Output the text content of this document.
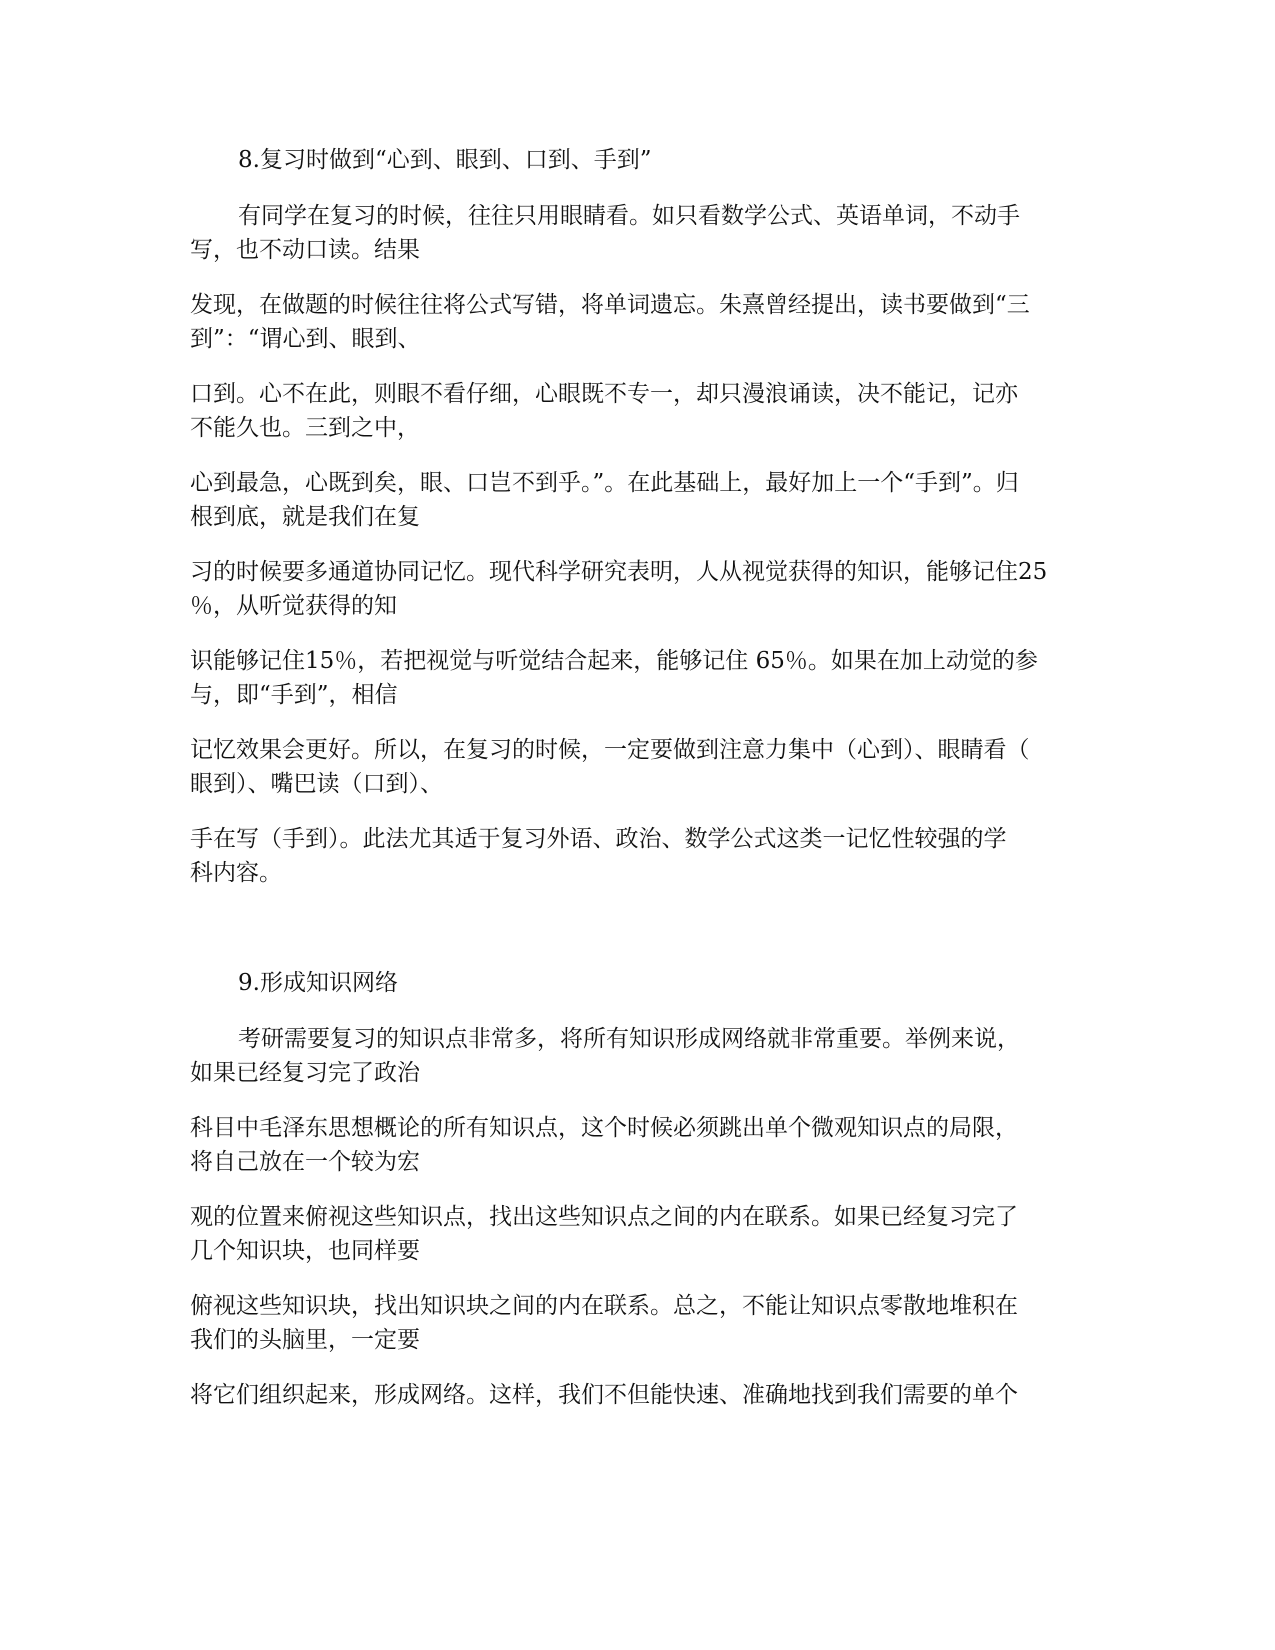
8.复习时做到“心到、眼到、口到、手到”

有同学在复习的时候，往往只用眼睛看。如只看数学公式、英语单词，不动手
写，也不动口读。结果
发现，在做题的时候往往将公式写错，将单词遗忘。朱熹曾经提出，读书要做到“三
到”：“谓心到、眼到、
口到。心不在此，则眼不看仔细，心眼既不专一，却只漫浪诵读，决不能记，记亦
不能久也。三到之中，
心到最急，心既到矣，眼、口岂不到乎。”。在此基础上，最好加上一个“手到”。归
根到底，就是我们在复
习的时候要多通道协同记忆。现代科学研究表明，人从视觉获得的知识，能够记住25
％，从听觉获得的知
识能够记住15％，若把视觉与听觉结合起来，能够记住 65％。如果在加上动觉的参
与，即“手到”，相信
记忆效果会更好。所以，在复习的时候，一定要做到注意力集中（心到）、眼睛看（
眼到）、嘴巴读（口到）、
手在写（手到）。此法尤其适于复习外语、政治、数学公式这类一记忆性较强的学
科内容。

9.形成知识网络

考研需要复习的知识点非常多，将所有知识形成网络就非常重要。举例来说，
如果已经复习完了政治
科目中毛泽东思想概论的所有知识点，这个时候必须跳出单个微观知识点的局限，
将自己放在一个较为宏
观的位置来俯视这些知识点，找出这些知识点之间的内在联系。如果已经复习完了
几个知识块，也同样要
俯视这些知识块，找出知识块之间的内在联系。总之，不能让知识点零散地堆积在
我们的头脑里，一定要
将它们组织起来，形成网络。这样，我们不但能快速、准确地找到我们需要的单个
